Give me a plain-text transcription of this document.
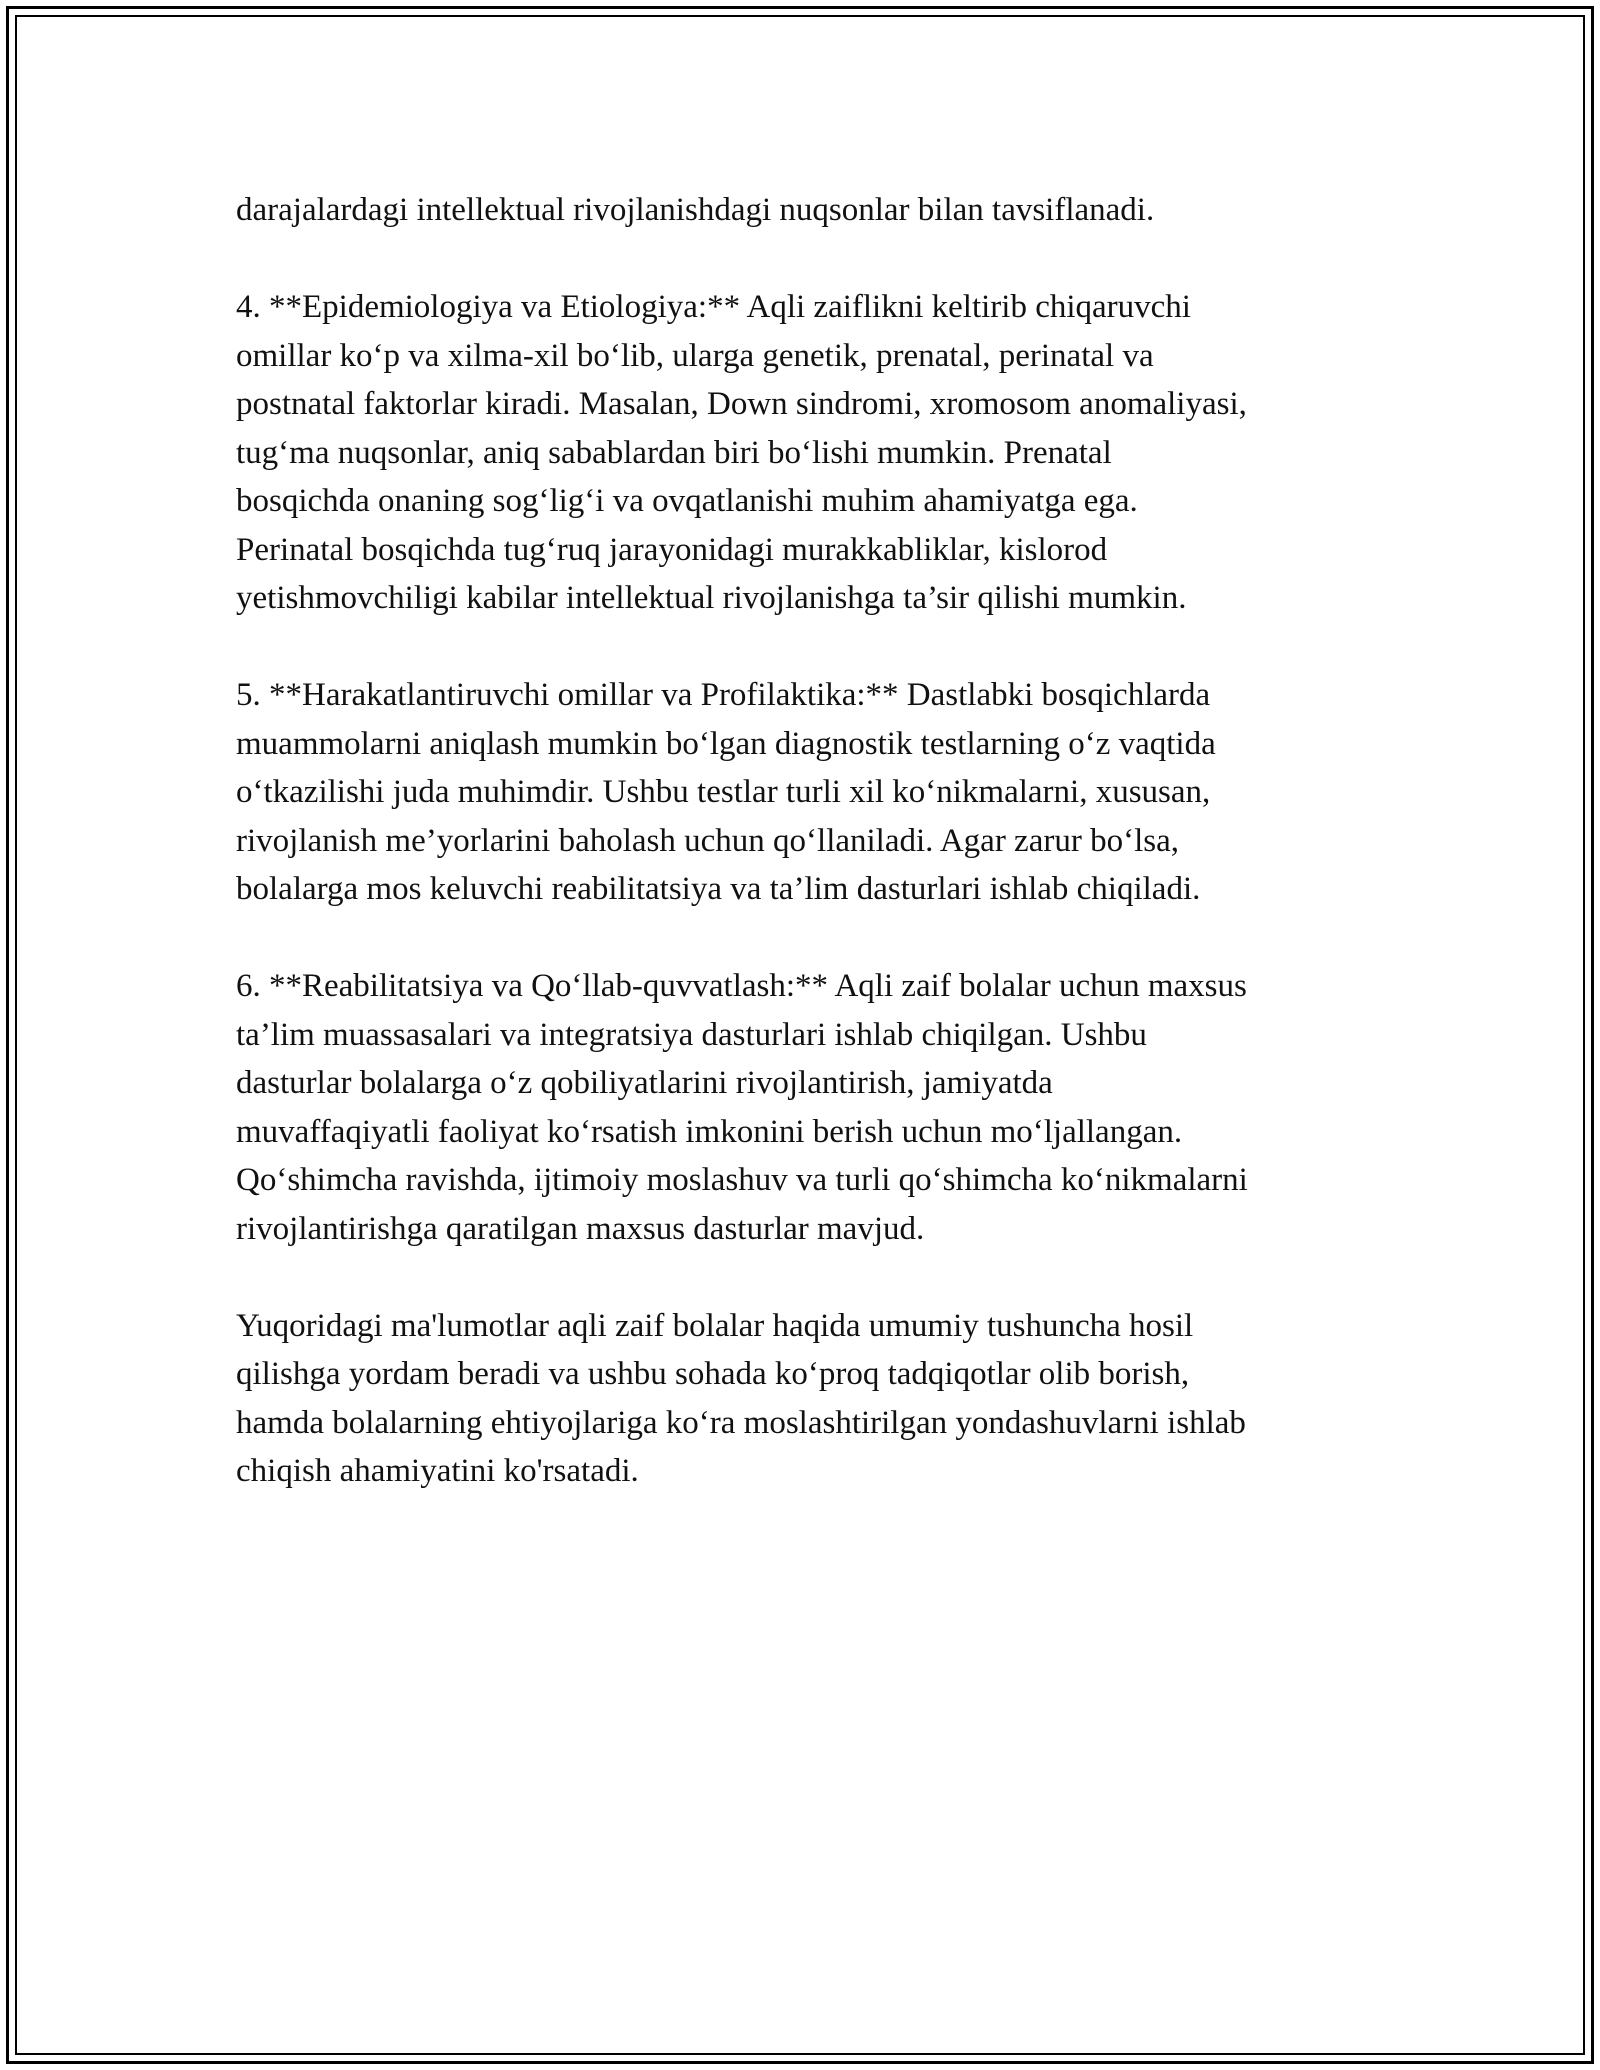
darajalardagi intellektual rivojlanishdagi nuqsonlar bilan tavsiflanadi.

4. **Epidemiologiya va Etiologiya:** Aqli zaiflikni keltirib chiqaruvchi
omillar ko‘p va xilma-xil bo‘lib, ularga genetik, prenatal, perinatal va
postnatal faktorlar kiradi. Masalan, Down sindromi, xromosom anomaliyasi,
tug‘ma nuqsonlar, aniq sabablardan biri bo‘lishi mumkin. Prenatal
bosqichda onaning sog‘lig‘i va ovqatlanishi muhim ahamiyatga ega.
Perinatal bosqichda tug‘ruq jarayonidagi murakkabliklar, kislorod
yetishmovchiligi kabilar intellektual rivojlanishga ta’sir qilishi mumkin.

5. **Harakatlantiruvchi omillar va Profilaktika:** Dastlabki bosqichlarda
muammolarni aniqlash mumkin bo‘lgan diagnostik testlarning o‘z vaqtida
o‘tkazilishi juda muhimdir. Ushbu testlar turli xil ko‘nikmalarni, xususan,
rivojlanish me’yorlarini baholash uchun qo‘llaniladi. Agar zarur bo‘lsa,
bolalarga mos keluvchi reabilitatsiya va ta’lim dasturlari ishlab chiqiladi.

6. **Reabilitatsiya va Qo‘llab-quvvatlash:** Aqli zaif bolalar uchun maxsus
ta’lim muassasalari va integratsiya dasturlari ishlab chiqilgan. Ushbu
dasturlar bolalarga o‘z qobiliyatlarini rivojlantirish, jamiyatda
muvaffaqiyatli faoliyat ko‘rsatish imkonini berish uchun mo‘ljallangan.
Qo‘shimcha ravishda, ijtimoiy moslashuv va turli qo‘shimcha ko‘nikmalarni
rivojlantirishga qaratilgan maxsus dasturlar mavjud.

Yuqoridagi ma'lumotlar aqli zaif bolalar haqida umumiy tushuncha hosil
qilishga yordam beradi va ushbu sohada ko‘proq tadqiqotlar olib borish,
hamda bolalarning ehtiyojlariga ko‘ra moslashtirilgan yondashuvlarni ishlab
chiqish ahamiyatini ko'rsatadi.
